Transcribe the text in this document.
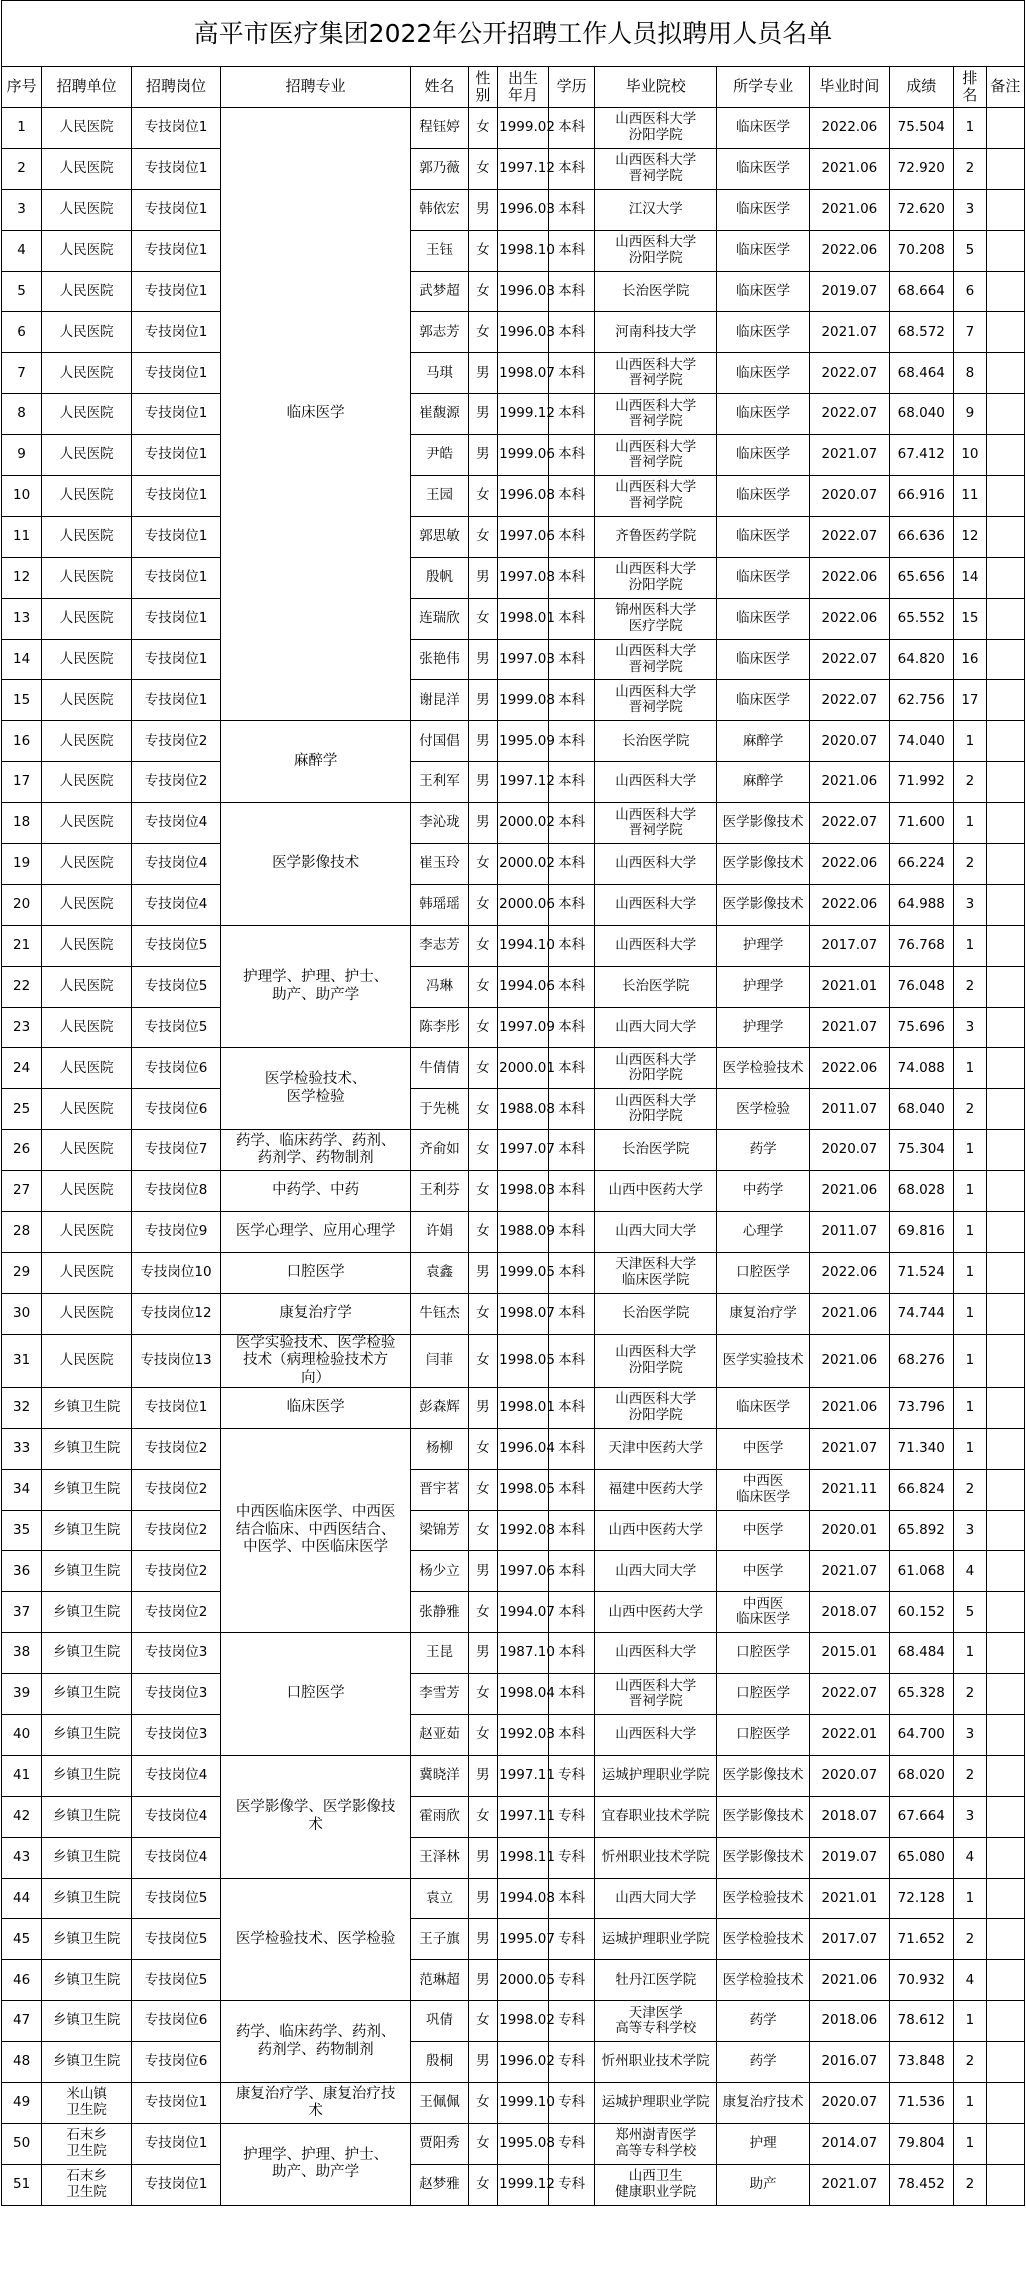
高平市医疗集团2022年公开招聘工作人员拟聘用人员名单
序号	招聘单位	招聘岗位	招聘专业	姓名	性别	出生
年月	学历	毕业院校	所学专业	毕业时间	成绩	排名	备注
1	人民医院	专技岗位1	临床医学	程钰婷	女	1999.02	本科	山西医科大学
汾阳学院	临床医学	2022.06	75.504	1	
2	人民医院	专技岗位1		郭乃薇	女	1997.12	本科	山西医科大学
晋祠学院	临床医学	2021.06	72.920	2	
3	人民医院	专技岗位1		韩依宏	男	1996.03	本科	江汉大学	临床医学	2021.06	72.620	3	
4	人民医院	专技岗位1		王钰	女	1998.10	本科	山西医科大学
汾阳学院	临床医学	2022.06	70.208	5	
5	人民医院	专技岗位1		武梦超	女	1996.03	本科	长治医学院	临床医学	2019.07	68.664	6	
6	人民医院	专技岗位1		郭志芳	女	1996.03	本科	河南科技大学	临床医学	2021.07	68.572	7	
7	人民医院	专技岗位1		马琪	男	1998.07	本科	山西医科大学
晋祠学院	临床医学	2022.07	68.464	8	
8	人民医院	专技岗位1		崔馥源	男	1999.12	本科	山西医科大学
晋祠学院	临床医学	2022.07	68.040	9	
9	人民医院	专技岗位1		尹皓	男	1999.06	本科	山西医科大学
晋祠学院	临床医学	2021.07	67.412	10	
10	人民医院	专技岗位1		王园	女	1996.08	本科	山西医科大学
晋祠学院	临床医学	2020.07	66.916	11	
11	人民医院	专技岗位1		郭思敏	女	1997.06	本科	齐鲁医药学院	临床医学	2022.07	66.636	12	
12	人民医院	专技岗位1		殷帆	男	1997.08	本科	山西医科大学
汾阳学院	临床医学	2022.06	65.656	14	
13	人民医院	专技岗位1		连瑞欣	女	1998.01	本科	锦州医科大学
医疗学院	临床医学	2022.06	65.552	15	
14	人民医院	专技岗位1		张艳伟	男	1997.03	本科	山西医科大学
晋祠学院	临床医学	2022.07	64.820	16	
15	人民医院	专技岗位1		谢昆洋	男	1999.08	本科	山西医科大学
晋祠学院	临床医学	2022.07	62.756	17	
16	人民医院	专技岗位2	麻醉学	付国倡	男	1995.09	本科	长治医学院	麻醉学	2020.07	74.040	1	
17	人民医院	专技岗位2		王利军	男	1997.12	本科	山西医科大学	麻醉学	2021.06	71.992	2	
18	人民医院	专技岗位4	医学影像技术	李沁珑	男	2000.02	本科	山西医科大学
晋祠学院	医学影像技术	2022.07	71.600	1	
19	人民医院	专技岗位4		崔玉玲	女	2000.02	本科	山西医科大学	医学影像技术	2022.06	66.224	2	
20	人民医院	专技岗位4		韩瑶瑶	女	2000.06	本科	山西医科大学	医学影像技术	2022.06	64.988	3	
21	人民医院	专技岗位5	护理学、护理、护士、
助产、助产学	李志芳	女	1994.10	本科	山西医科大学	护理学	2017.07	76.768	1	
22	人民医院	专技岗位5		冯琳	女	1994.06	本科	长治医学院	护理学	2021.01	76.048	2	
23	人民医院	专技岗位5		陈李彤	女	1997.09	本科	山西大同大学	护理学	2021.07	75.696	3	
24	人民医院	专技岗位6	医学检验技术、
医学检验	牛倩倩	女	2000.01	本科	山西医科大学
汾阳学院	医学检验技术	2022.06	74.088	1	
25	人民医院	专技岗位6		于先桃	女	1988.08	本科	山西医科大学
汾阳学院	医学检验	2011.07	68.040	2	
26	人民医院	专技岗位7	药学、临床药学、药剂、
药剂学、药物制剂	齐俞如	女	1997.07	本科	长治医学院	药学	2020.07	75.304	1	
27	人民医院	专技岗位8	中药学、中药	王利芬	女	1998.03	本科	山西中医药大学	中药学	2021.06	68.028	1	
28	人民医院	专技岗位9	医学心理学、应用心理学	许娟	女	1988.09	本科	山西大同大学	心理学	2011.07	69.816	1	
29	人民医院	专技岗位10	口腔医学	袁鑫	男	1999.05	本科	天津医科大学
临床医学院	口腔医学	2022.06	71.524	1	
30	人民医院	专技岗位12	康复治疗学	牛钰杰	女	1998.07	本科	长治医学院	康复治疗学	2021.06	74.744	1	
31	人民医院	专技岗位13	医学实验技术、医学检验
技术（病理检验技术方
向）	闫菲	女	1998.05	本科	山西医科大学
汾阳学院	医学实验技术	2021.06	68.276	1	
32	乡镇卫生院	专技岗位1	临床医学	彭森辉	男	1998.01	本科	山西医科大学
汾阳学院	临床医学	2021.06	73.796	1	
33	乡镇卫生院	专技岗位2	中西医临床医学、中西医
结合临床、中西医结合、
中医学、中医临床医学	杨柳	女	1996.04	本科	天津中医药大学	中医学	2021.07	71.340	1	
34	乡镇卫生院	专技岗位2		晋宇茗	女	1998.05	本科	福建中医药大学	中西医
临床医学	2021.11	66.824	2	
35	乡镇卫生院	专技岗位2		梁锦芳	女	1992.08	本科	山西中医药大学	中医学	2020.01	65.892	3	
36	乡镇卫生院	专技岗位2		杨少立	男	1997.06	本科	山西大同大学	中医学	2021.07	61.068	4	
37	乡镇卫生院	专技岗位2		张静雅	女	1994.07	本科	山西中医药大学	中西医
临床医学	2018.07	60.152	5	
38	乡镇卫生院	专技岗位3	口腔医学	王昆	男	1987.10	本科	山西医科大学	口腔医学	2015.01	68.484	1	
39	乡镇卫生院	专技岗位3		李雪芳	女	1998.04	本科	山西医科大学
晋祠学院	口腔医学	2022.07	65.328	2	
40	乡镇卫生院	专技岗位3		赵亚茹	女	1992.03	本科	山西医科大学	口腔医学	2022.01	64.700	3	
41	乡镇卫生院	专技岗位4	医学影像学、医学影像技
术	冀晓洋	男	1997.11	专科	运城护理职业学院	医学影像技术	2020.07	68.020	2	
42	乡镇卫生院	专技岗位4		霍雨欣	女	1997.11	专科	宜春职业技术学院	医学影像技术	2018.07	67.664	3	
43	乡镇卫生院	专技岗位4		王泽林	男	1998.11	专科	忻州职业技术学院	医学影像技术	2019.07	65.080	4	
44	乡镇卫生院	专技岗位5	医学检验技术、医学检验	袁立	男	1994.08	本科	山西大同大学	医学检验技术	2021.01	72.128	1	
45	乡镇卫生院	专技岗位5		王子旗	男	1995.07	专科	运城护理职业学院	医学检验技术	2017.07	71.652	2	
46	乡镇卫生院	专技岗位5		范琳超	男	2000.05	专科	牡丹江医学院	医学检验技术	2021.06	70.932	4	
47	乡镇卫生院	专技岗位6	药学、临床药学、药剂、
药剂学、药物制剂	巩倩	女	1998.02	专科	天津医学
高等专科学校	药学	2018.06	78.612	1	
48	乡镇卫生院	专技岗位6		殷桐	男	1996.02	专科	忻州职业技术学院	药学	2016.07	73.848	2	
49	米山镇
卫生院	专技岗位1	康复治疗学、康复治疗技
术	王佩佩	女	1999.10	专科	运城护理职业学院	康复治疗技术	2020.07	71.536	1	
50	石末乡
卫生院	专技岗位1	护理学、护理、护士、
助产、助产学	贾阳秀	女	1995.08	专科	郑州澍青医学
高等专科学校	护理	2014.07	79.804	1	
51	石末乡
卫生院	专技岗位1		赵梦雅	女	1999.12	专科	山西卫生
健康职业学院	助产	2021.07	78.452	2	
